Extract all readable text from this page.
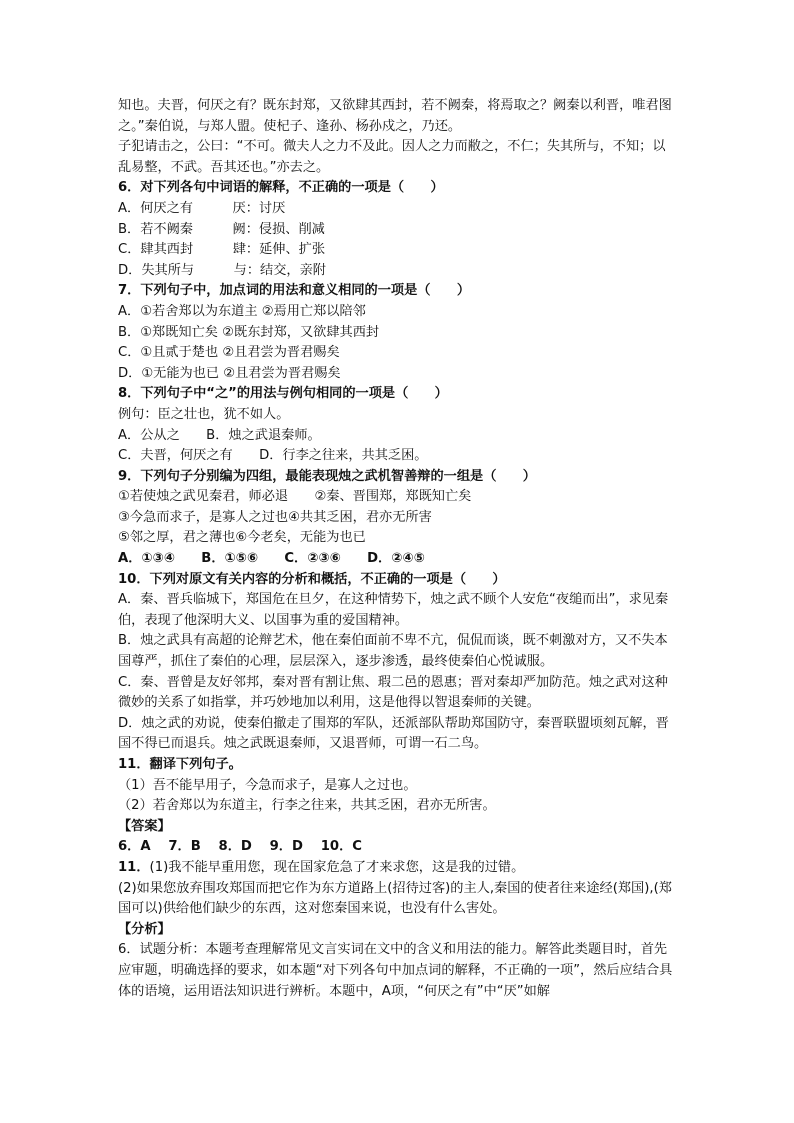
知也。夫晋，何厌之有？既东封郑，又欲肆其西封，若不阙秦，将焉取之？阙秦以利晋，唯君图之。”秦伯说，与郑人盟。使杞子、逢孙、杨孙戍之，乃还。

子犯请击之，公曰：“不可。微夫人之力不及此。因人之力而敝之，不仁；失其所与，不知；以乱易整，不武。吾其还也。”亦去之。

6．对下列各句中词语的解释，不正确的一项是（　　）

A．何厌之有　　　厌：讨厌

B．若不阙秦　　　阙：侵损、削减

C．肆其西封　　　肆：延伸、扩张

D．失其所与　　　与：结交，亲附

7．下列句子中，加点词的用法和意义相同的一项是（　　）

A．①若舍郑以为东道主 ②焉用亡郑以陪邻

B．①郑既知亡矣 ②既东封郑，又欲肆其西封

C．①且贰于楚也 ②且君尝为晋君赐矣

D．①无能为也已 ②且君尝为晋君赐矣

8．下列句子中“之”的用法与例句相同的一项是（　　）

例句：臣之壮也，犹不如人。

A．公从之　　B．烛之武退秦师。

C．夫晋，何厌之有　　D．行李之往来，共其乏困。

9．下列句子分别编为四组，最能表现烛之武机智善辩的一组是（　　）

①若使烛之武见秦君，师必退　　②秦、晋围郑，郑既知亡矣

③今急而求子，是寡人之过也④共其乏困，君亦无所害

⑤邻之厚，君之薄也⑥今老矣，无能为也已

A．①③④　　B．①⑤⑥　　C．②③⑥　　D．②④⑤

10．下列对原文有关内容的分析和概括，不正确的一项是（　　）

A．秦、晋兵临城下，郑国危在旦夕，在这种情势下，烛之武不顾个人安危“夜缒而出”，求见秦伯，表现了他深明大义、以国事为重的爱国精神。

B．烛之武具有高超的论辩艺术，他在秦伯面前不卑不亢，侃侃而谈，既不刺激对方，又不失本国尊严，抓住了秦伯的心理，层层深入，逐步渗透，最终使秦伯心悦诚服。

C．秦、晋曾是友好邻邦，秦对晋有割让焦、瑕二邑的恩惠；晋对秦却严加防范。烛之武对这种微妙的关系了如指掌，并巧妙地加以利用，这是他得以智退秦师的关键。

D．烛之武的劝说，使秦伯撤走了围郑的军队，还派部队帮助郑国防守，秦晋联盟顷刻瓦解，晋国不得已而退兵。烛之武既退秦师，又退晋师，可谓一石二鸟。

11．翻译下列句子。

（1）吾不能早用子，今急而求子，是寡人之过也。

（2）若舍郑以为东道主，行李之往来，共其乏困，君亦无所害。

【答案】

6．A　 7．B　 8．D　 9．D　 10．C

11．(1)我不能早重用您，现在国家危急了才来求您，这是我的过错。

(2)如果您放弃围攻郑国而把它作为东方道路上(招待过客)的主人,秦国的使者往来途经(郑国),(郑国可以)供给他们缺少的东西，这对您秦国来说，也没有什么害处。

【分析】

6．试题分析：本题考查理解常见文言实词在文中的含义和用法的能力。解答此类题目时，首先应审题，明确选择的要求，如本题“对下列各句中加点词的解释，不正确的一项”，然后应结合具体的语境，运用语法知识进行辨析。本题中，A项，“何厌之有”中“厌”如解
